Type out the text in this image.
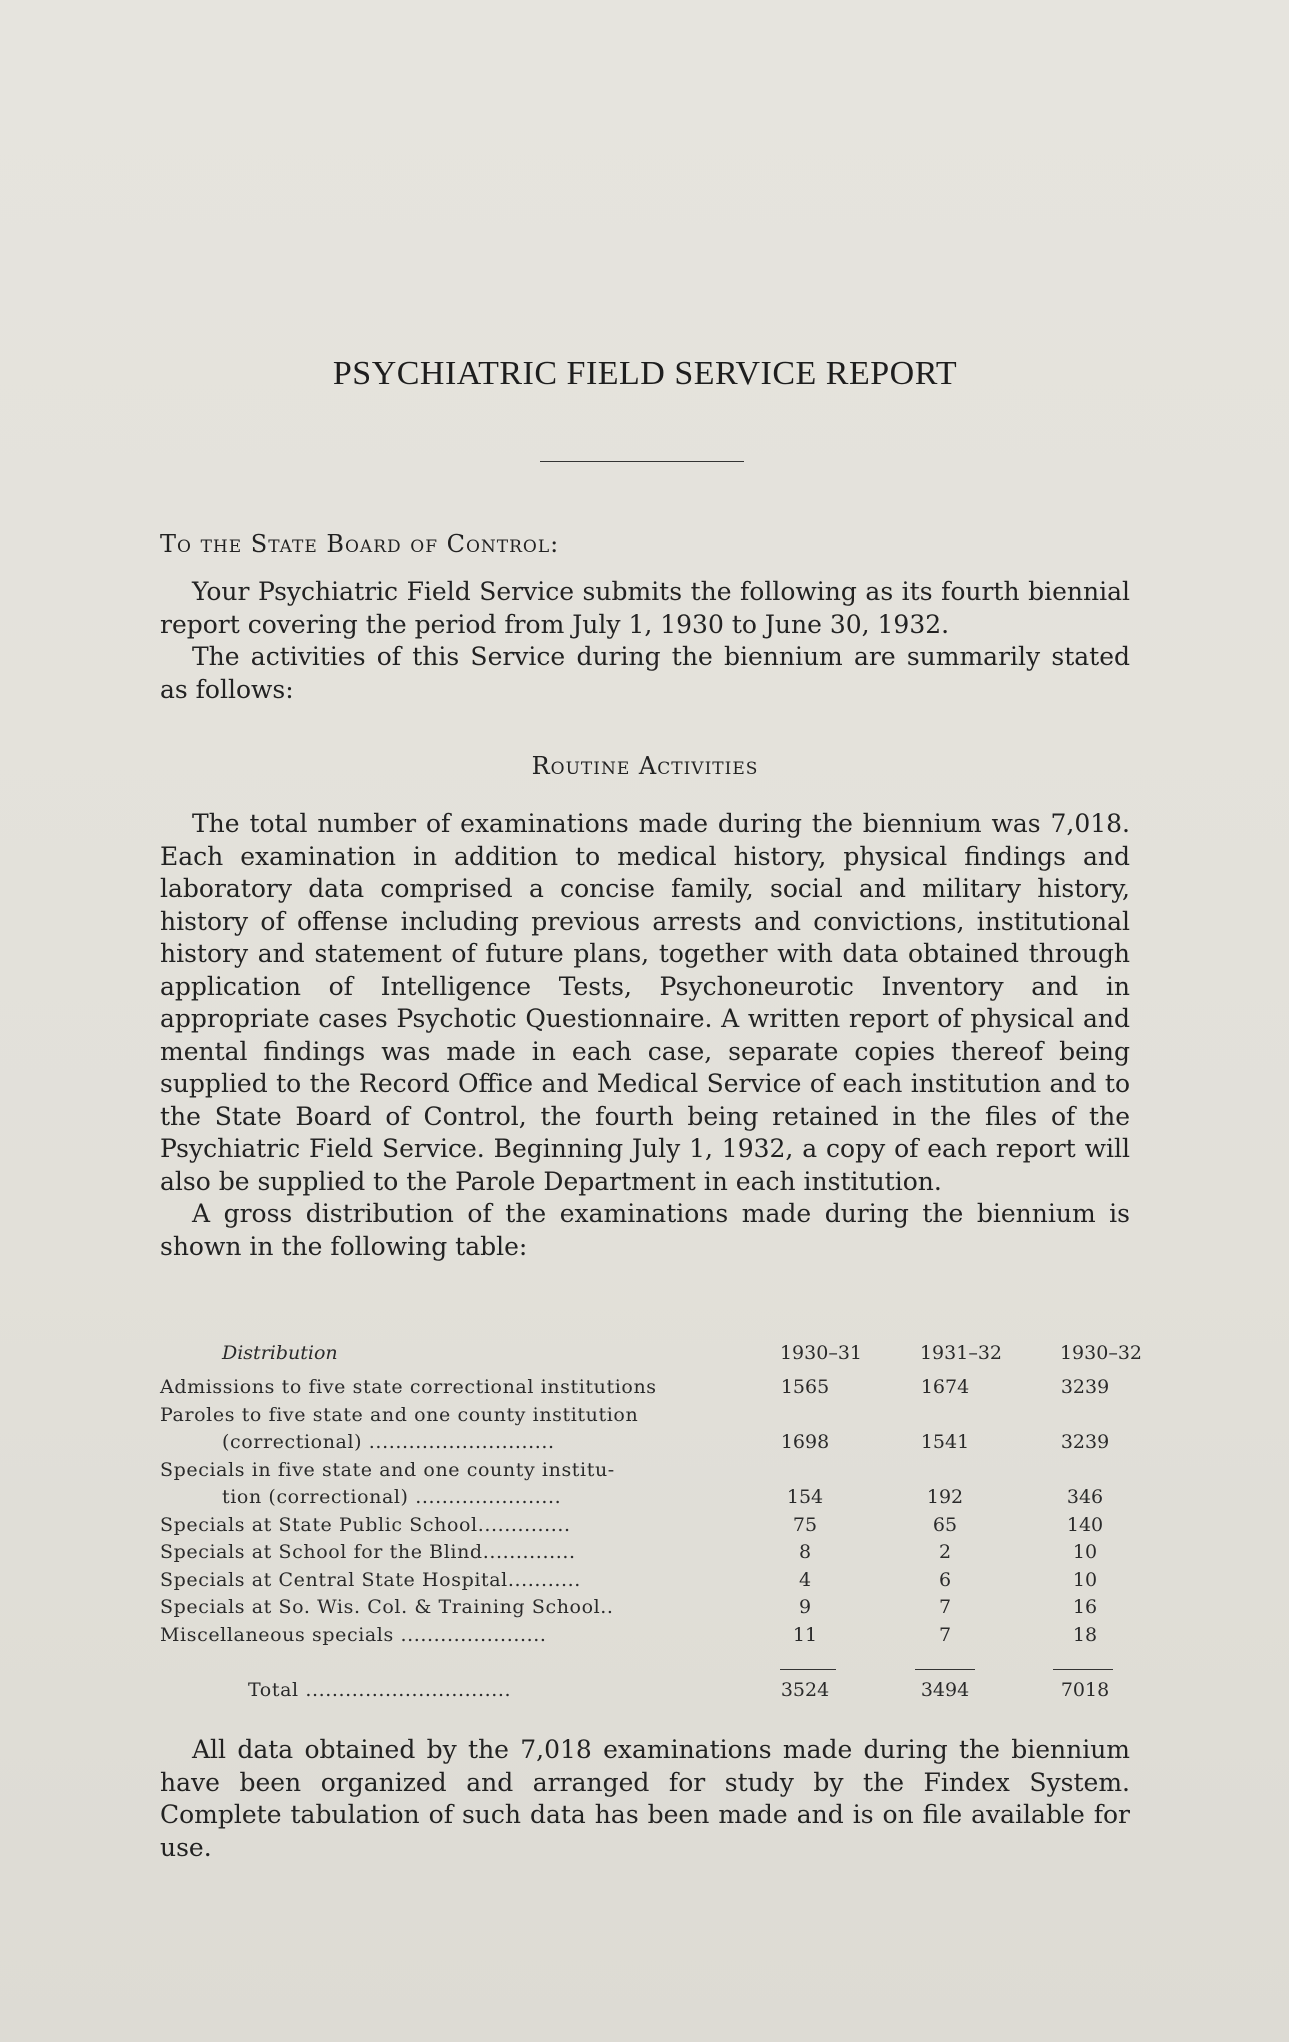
PSYCHIATRIC FIELD SERVICE REPORT
To the State Board of Control:

Your Psychiatric Field Service submits the following as its fourth biennial report covering the period from July 1, 1930 to June 30, 1932.

The activities of this Service during the biennium are summarily stated as follows:

Routine Activities

The total number of examinations made during the biennium was 7,018. Each examination in addition to medical history, physical findings and laboratory data comprised a concise family, social and military history, history of offense including previous arrests and convictions, institutional history and statement of future plans, together with data obtained through application of Intelligence Tests, Psychoneurotic Inventory and in appropriate cases Psychotic Questionnaire. A written report of physical and mental findings was made in each case, separate copies thereof being supplied to the Record Office and Medical Service of each institution and to the State Board of Control, the fourth being retained in the files of the Psychiatric Field Service. Beginning July 1, 1932, a copy of each report will also be supplied to the Parole Department in each institution.

A gross distribution of the examinations made during the biennium is shown in the following table:

Distribution	1930–31	1931–32	1930–32
Admissions to five state correctional institutions	1565	1674	3239
Paroles to five state and one county institution
(correctional) ............................	1698	1541	3239
Specials in five state and one county institu-
tion (correctional) ......................	154	192	346
Specials at State Public School..............	75	65	140
Specials at School for the Blind..............	8	2	10
Specials at Central State Hospital...........	4	6	10
Specials at So. Wis. Col. & Training School..	9	7	16
Miscellaneous specials ......................	11	7	18
Total ...............................	3524	3494	7018

All data obtained by the 7,018 examinations made during the biennium have been organized and arranged for study by the Findex System. Complete tabulation of such data has been made and is on file available for use.
